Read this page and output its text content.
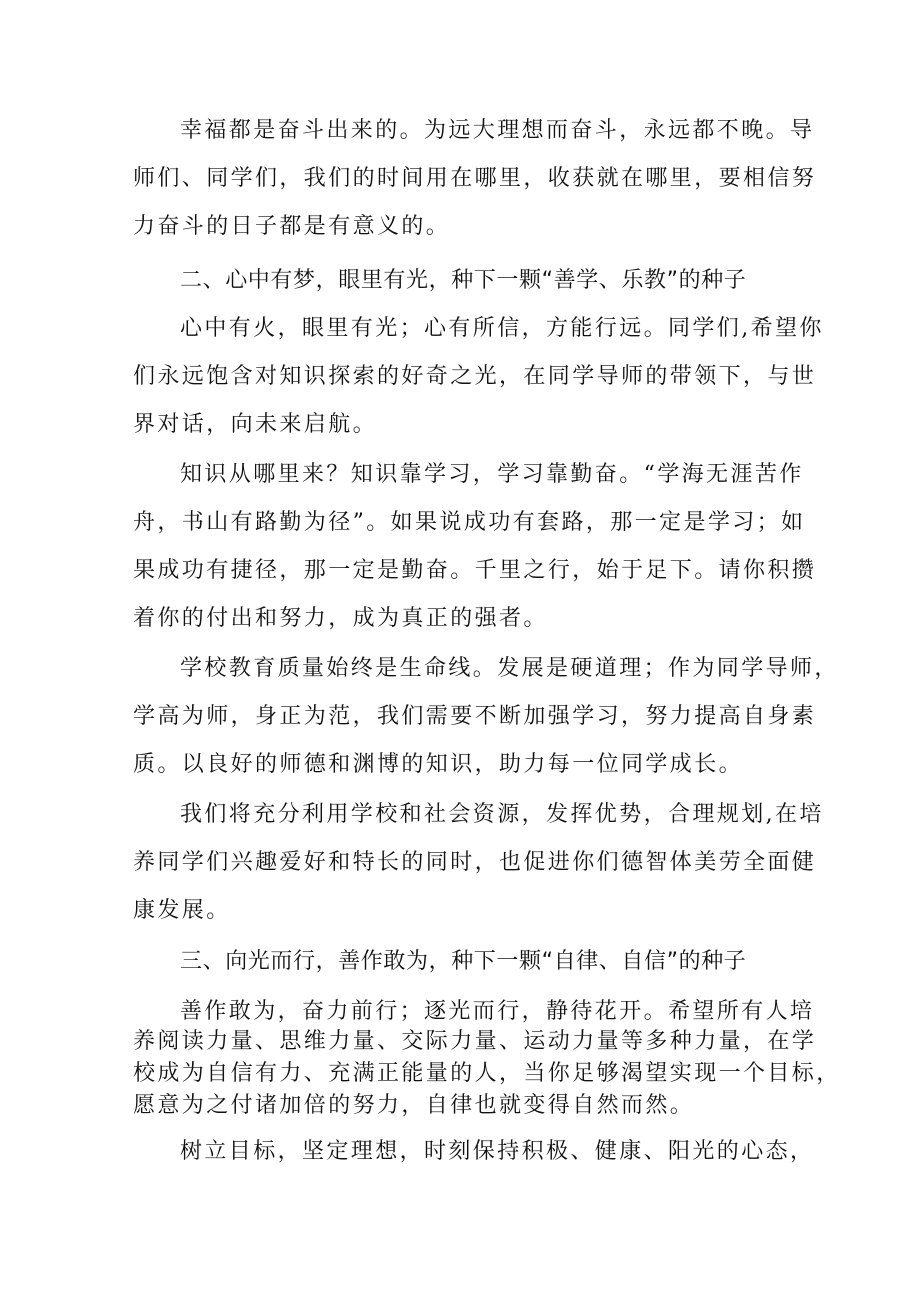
幸福都是奋斗出来的。为远大理想而奋斗，永远都不晚。导
师们、同学们，我们的时间用在哪里，收获就在哪里，要相信努
力奋斗的日子都是有意义的。
二、心中有梦，眼里有光，种下一颗“善学、乐教”的种子
心中有火，眼里有光；心有所信，方能行远。同学们,希望你
们永远饱含对知识探索的好奇之光，在同学导师的带领下，与世
界对话，向未来启航。
知识从哪里来？知识靠学习，学习靠勤奋。“学海无涯苦作
舟，书山有路勤为径”。如果说成功有套路，那一定是学习；如
果成功有捷径，那一定是勤奋。千里之行，始于足下。请你积攒
着你的付出和努力，成为真正的强者。
学校教育质量始终是生命线。发展是硬道理；作为同学导师，
学高为师，身正为范，我们需要不断加强学习，努力提高自身素
质。以良好的师德和渊博的知识，助力每一位同学成长。
我们将充分利用学校和社会资源，发挥优势，合理规划,在培
养同学们兴趣爱好和特长的同时，也促进你们德智体美劳全面健
康发展。
三、向光而行，善作敢为，种下一颗“自律、自信”的种子
善作敢为，奋力前行；逐光而行，静待花开。希望所有人培
养阅读力量、思维力量、交际力量、运动力量等多种力量，在学
校成为自信有力、充满正能量的人，当你足够渴望实现一个目标，
愿意为之付诸加倍的努力，自律也就变得自然而然。
树立目标，坚定理想，时刻保持积极、健康、阳光的心态，
